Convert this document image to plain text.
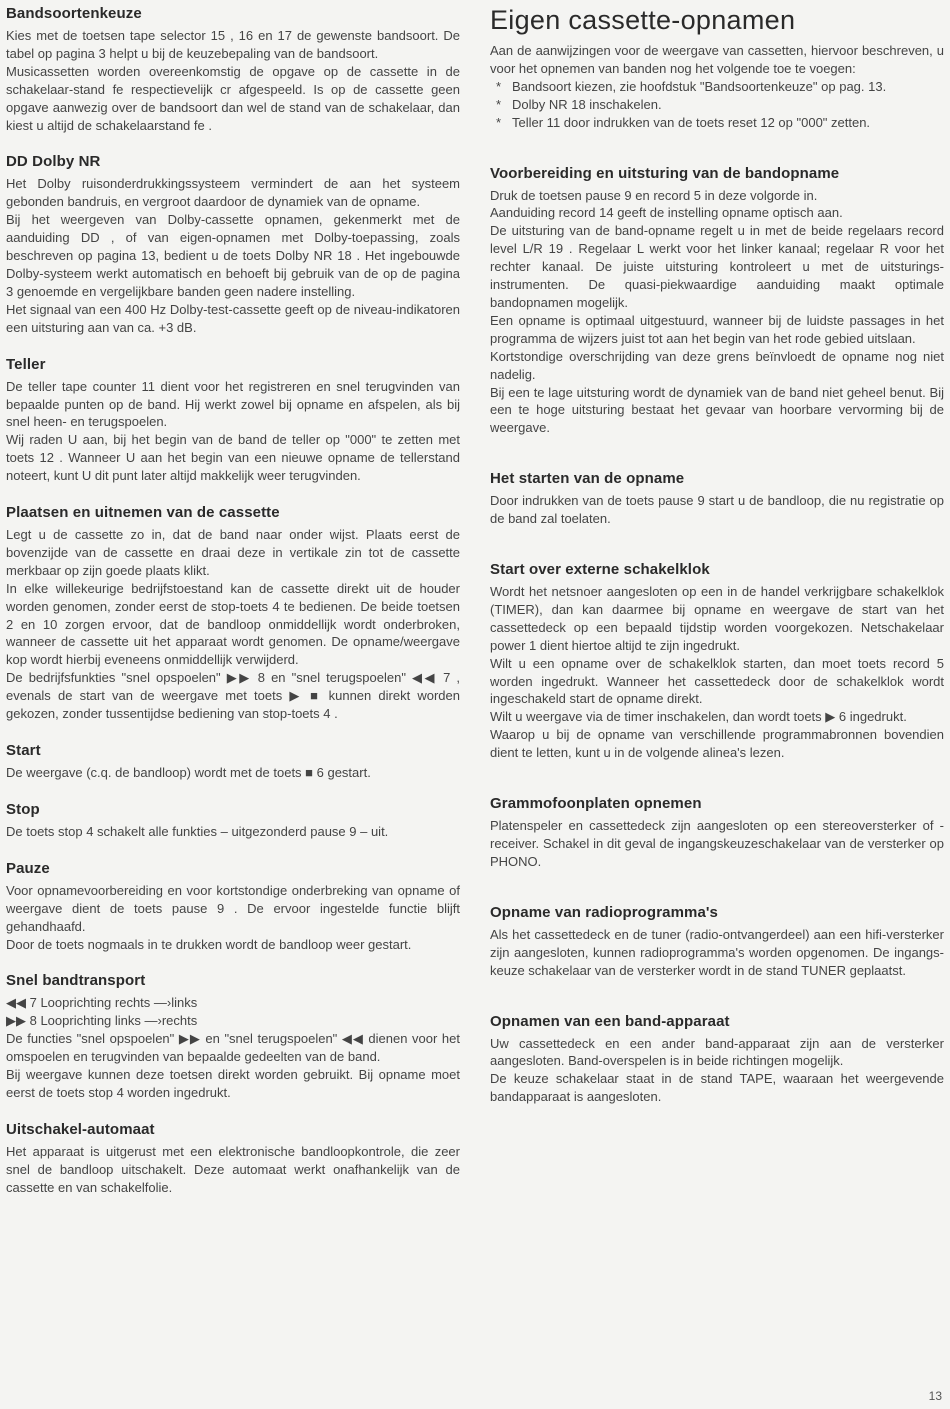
Bandsoortenkeuze

Kies met de toetsen tape selector 15 , 16 en 17 de gewenste bandsoort. De tabel op pagina 3 helpt u bij de keuzebepaling van de bandsoort.

Musicassetten worden overeenkomstig de opgave op de cassette in de schakelaar-stand fe respectievelijk cr afgespeeld. Is op de cassette geen opgave aanwezig over de bandsoort dan wel de stand van de schakelaar, dan kiest u altijd de schakelaarstand fe .

DD Dolby NR

Het Dolby ruisonderdrukkingssysteem vermindert de aan het systeem gebonden bandruis, en vergroot daardoor de dynamiek van de opname.

Bij het weergeven van Dolby-cassette opnamen, gekenmerkt met de aanduiding DD , of van eigen-opnamen met Dolby-toepassing, zoals beschreven op pagina 13, bedient u de toets Dolby NR 18 . Het ingebouwde Dolby-systeem werkt automatisch en behoeft bij gebruik van de op de pagina 3 genoemde en vergelijkbare banden geen nadere instelling.

Het signaal van een 400 Hz Dolby-test-cassette geeft op de niveau-indikatoren een uitsturing aan van ca. +3 dB.

Teller

De teller tape counter 11 dient voor het registreren en snel terugvinden van bepaalde punten op de band. Hij werkt zowel bij opname en afspelen, als bij snel heen- en terugspoelen.

Wij raden U aan, bij het begin van de band de teller op "000" te zetten met toets 12 . Wanneer U aan het begin van een nieuwe opname de tellerstand noteert, kunt U dit punt later altijd makkelijk weer terugvinden.

Plaatsen en uitnemen van de cassette

Legt u de cassette zo in, dat de band naar onder wijst. Plaats eerst de bovenzijde van de cassette en draai deze in vertikale zin tot de cassette merkbaar op zijn goede plaats klikt.

In elke willekeurige bedrijfstoestand kan de cassette direkt uit de houder worden genomen, zonder eerst de stop-toets 4 te bedienen. De beide toetsen 2 en 10 zorgen ervoor, dat de bandloop onmiddellijk wordt onderbroken, wanneer de cassette uit het apparaat wordt genomen. De opname/weergave kop wordt hierbij eveneens onmiddellijk verwijderd.

De bedrijfsfunkties "snel opspoelen" ▶▶ 8 en "snel terugspoelen" ◀◀ 7 , evenals de start van de weergave met toets ▶ ■ kunnen direkt worden gekozen, zonder tussentijdse bediening van stop-toets 4 .

Start

De weergave (c.q. de bandloop) wordt met de toets ■ 6 gestart.

Stop

De toets stop 4 schakelt alle funkties – uitgezonderd pause 9 – uit.

Pauze

Voor opnamevoorbereiding en voor kortstondige onderbreking van opname of weergave dient de toets pause 9 . De ervoor ingestelde functie blijft gehandhaafd.

Door de toets nogmaals in te drukken wordt de bandloop weer gestart.

Snel bandtransport

◀◀ 7 Looprichting rechts —›links

▶▶ 8 Looprichting links —›rechts

De functies "snel opspoelen" ▶▶ en "snel terugspoelen" ◀◀ dienen voor het omspoelen en terugvinden van bepaalde gedeelten van de band.

Bij weergave kunnen deze toetsen direkt worden gebruikt. Bij opname moet eerst de toets stop 4 worden ingedrukt.

Uitschakel-automaat

Het apparaat is uitgerust met een elektronische bandloopkontrole, die zeer snel de bandloop uitschakelt. Deze automaat werkt onafhankelijk van de cassette en van schakelfolie.

Eigen cassette-opnamen

Aan de aanwijzingen voor de weergave van cassetten, hiervoor beschreven, u voor het opnemen van banden nog het volgende toe te voegen:

* Bandsoort kiezen, zie hoofdstuk "Bandsoortenkeuze" op pag. 13.
* Dolby NR 18 inschakelen.
* Teller 11 door indrukken van de toets reset 12 op "000" zetten.
Voorbereiding en uitsturing van de bandopname

Druk de toetsen pause 9 en record 5 in deze volgorde in.

Aanduiding record 14 geeft de instelling opname optisch aan.

De uitsturing van de band-opname regelt u in met de beide regelaars record level L/R 19 . Regelaar L werkt voor het linker kanaal; regelaar R voor het rechter kanaal. De juiste uitsturing kontroleert u met de uitsturings-instrumenten. De quasi-piekwaardige aanduiding maakt optimale bandopnamen mogelijk.

Een opname is optimaal uitgestuurd, wanneer bij de luidste passages in het programma de wijzers juist tot aan het begin van het rode gebied uitslaan.

Kortstondige overschrijding van deze grens beïnvloedt de opname nog niet nadelig.

Bij een te lage uitsturing wordt de dynamiek van de band niet geheel benut. Bij een te hoge uitsturing bestaat het gevaar van hoorbare vervorming bij de weergave.

Het starten van de opname

Door indrukken van de toets pause 9 start u de bandloop, die nu registratie op de band zal toelaten.

Start over externe schakelklok

Wordt het netsnoer aangesloten op een in de handel verkrijgbare schakelklok (TIMER), dan kan daarmee bij opname en weergave de start van het cassettedeck op een bepaald tijdstip worden voorgekozen. Netschakelaar power 1 dient hiertoe altijd te zijn ingedrukt.

Wilt u een opname over de schakelklok starten, dan moet toets record 5 worden ingedrukt. Wanneer het cassettedeck door de schakelklok wordt ingeschakeld start de opname direkt.

Wilt u weergave via de timer inschakelen, dan wordt toets ▶ 6 ingedrukt.

Waarop u bij de opname van verschillende programmabronnen bovendien dient te letten, kunt u in de volgende alinea's lezen.

Grammofoonplaten opnemen

Platenspeler en cassettedeck zijn aangesloten op een stereoversterker of -receiver. Schakel in dit geval de ingangskeuzeschakelaar van de versterker op PHONO.

Opname van radioprogramma's

Als het cassettedeck en de tuner (radio-ontvangerdeel) aan een hifi-versterker zijn aangesloten, kunnen radioprogramma's worden opgenomen. De ingangs-keuze schakelaar van de versterker wordt in de stand TUNER geplaatst.

Opnamen van een band-apparaat

Uw cassettedeck en een ander band-apparaat zijn aan de versterker aangesloten. Band-overspelen is in beide richtingen mogelijk.

De keuze schakelaar staat in de stand TAPE, waaraan het weergevende bandapparaat is aangesloten.

13
